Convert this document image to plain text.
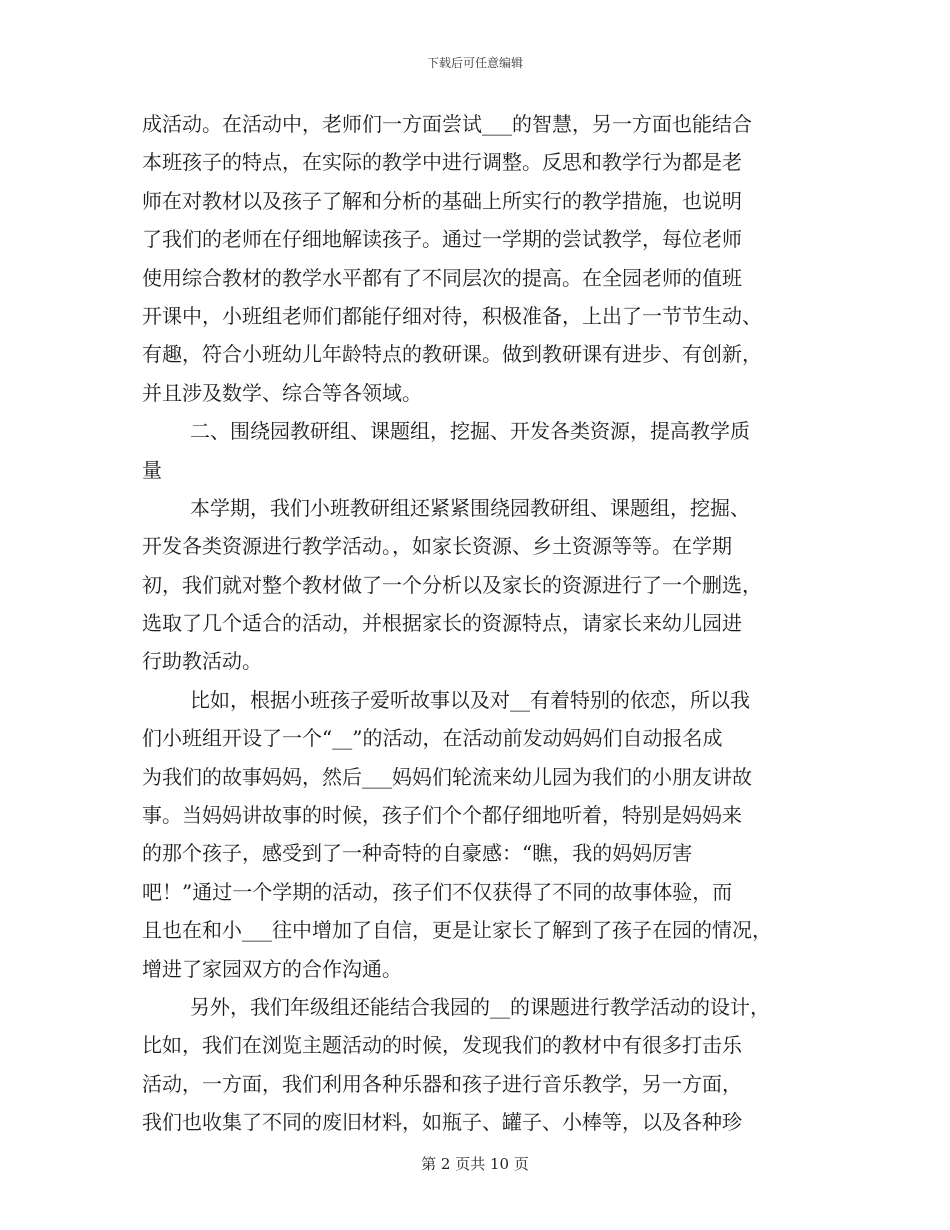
下载后可任意编辑
成活动。在活动中，老师们一方面尝试___的智慧，另一方面也能结合
本班孩子的特点，在实际的教学中进行调整。反思和教学行为都是老
师在对教材以及孩子了解和分析的基础上所实行的教学措施，也说明
了我们的老师在仔细地解读孩子。通过一学期的尝试教学，每位老师
使用综合教材的教学水平都有了不同层次的提高。在全园老师的值班
开课中，小班组老师们都能仔细对待，积极准备，上出了一节节生动、
有趣，符合小班幼儿年龄特点的教研课。做到教研课有进步、有创新，
并且涉及数学、综合等各领域。
二、围绕园教研组、课题组，挖掘、开发各类资源，提高教学质
量
本学期，我们小班教研组还紧紧围绕园教研组、课题组，挖掘、
开发各类资源进行教学活动。，如家长资源、乡土资源等等。在学期
初，我们就对整个教材做了一个分析以及家长的资源进行了一个删选，
选取了几个适合的活动，并根据家长的资源特点，请家长来幼儿园进
行助教活动。
比如，根据小班孩子爱听故事以及对__有着特别的依恋，所以我
们小班组开设了一个“__”的活动，在活动前发动妈妈们自动报名成
为我们的故事妈妈，然后___妈妈们轮流来幼儿园为我们的小朋友讲故
事。当妈妈讲故事的时候，孩子们个个都仔细地听着，特别是妈妈来
的那个孩子，感受到了一种奇特的自豪感：“瞧，我的妈妈厉害
吧！”通过一个学期的活动，孩子们不仅获得了不同的故事体验，而
且也在和小___往中增加了自信，更是让家长了解到了孩子在园的情况，
增进了家园双方的合作沟通。
另外，我们年级组还能结合我园的__的课题进行教学活动的设计，
比如，我们在浏览主题活动的时候，发现我们的教材中有很多打击乐
活动，一方面，我们利用各种乐器和孩子进行音乐教学，另一方面，
我们也收集了不同的废旧材料，如瓶子、罐子、小棒等，以及各种珍
第 2 页共 10 页
